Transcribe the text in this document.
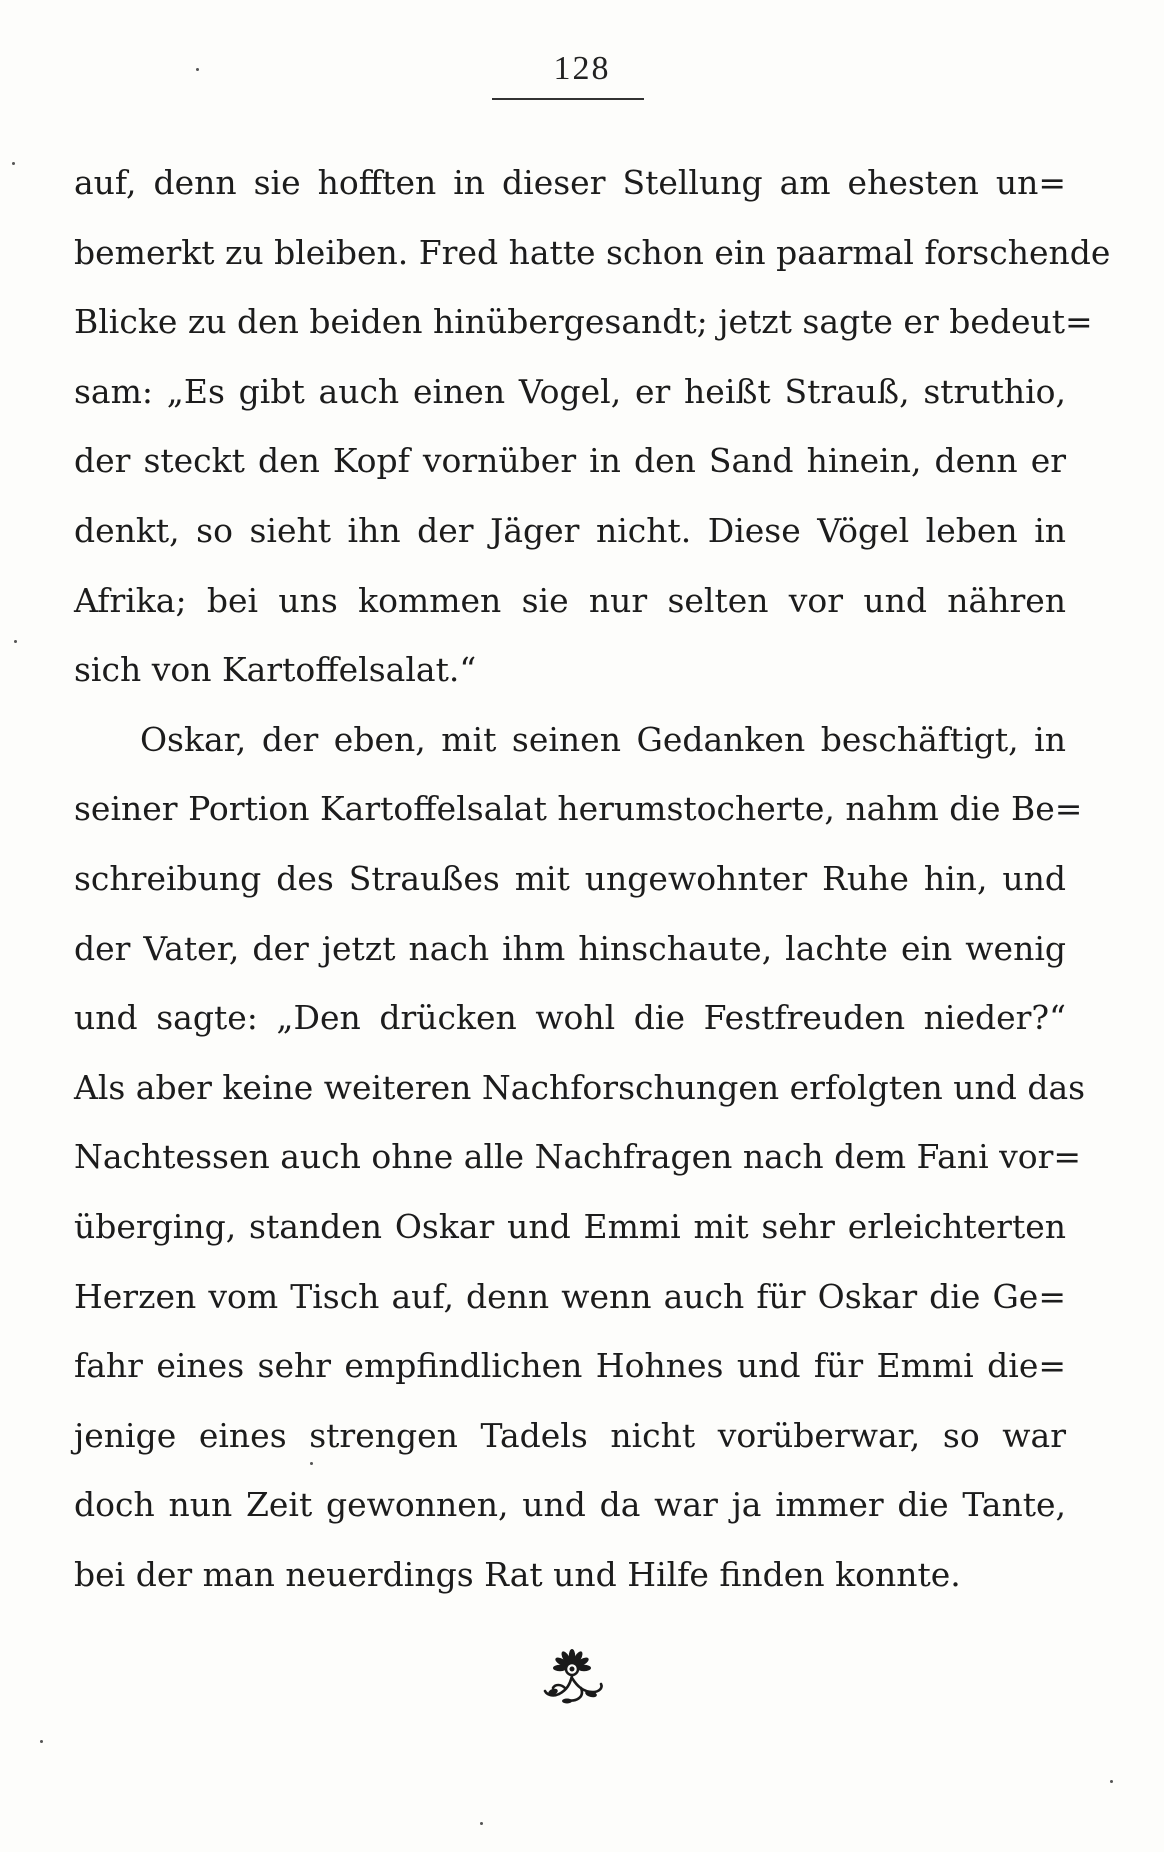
128
auf, denn sie hofften in dieser Stellung am ehesten un=
bemerkt zu bleiben. Fred hatte schon ein paarmal forschende
Blicke zu den beiden hinübergesandt; jetzt sagte er bedeut=
sam: „Es gibt auch einen Vogel, er heißt Strauß, struthio,
der steckt den Kopf vornüber in den Sand hinein, denn er
denkt, so sieht ihn der Jäger nicht. Diese Vögel leben in
Afrika; bei uns kommen sie nur selten vor und nähren
sich von Kartoffelsalat.“
Oskar, der eben, mit seinen Gedanken beschäftigt, in
seiner Portion Kartoffelsalat herumstocherte, nahm die Be=
schreibung des Straußes mit ungewohnter Ruhe hin, und
der Vater, der jetzt nach ihm hinschaute, lachte ein wenig
und sagte: „Den drücken wohl die Festfreuden nieder?“
Als aber keine weiteren Nachforschungen erfolgten und das
Nachtessen auch ohne alle Nachfragen nach dem Fani vor=
überging, standen Oskar und Emmi mit sehr erleichterten
Herzen vom Tisch auf, denn wenn auch für Oskar die Ge=
fahr eines sehr empfindlichen Hohnes und für Emmi die=
jenige eines strengen Tadels nicht vorüberwar, so war
doch nun Zeit gewonnen, und da war ja immer die Tante,
bei der man neuerdings Rat und Hilfe finden konnte.
